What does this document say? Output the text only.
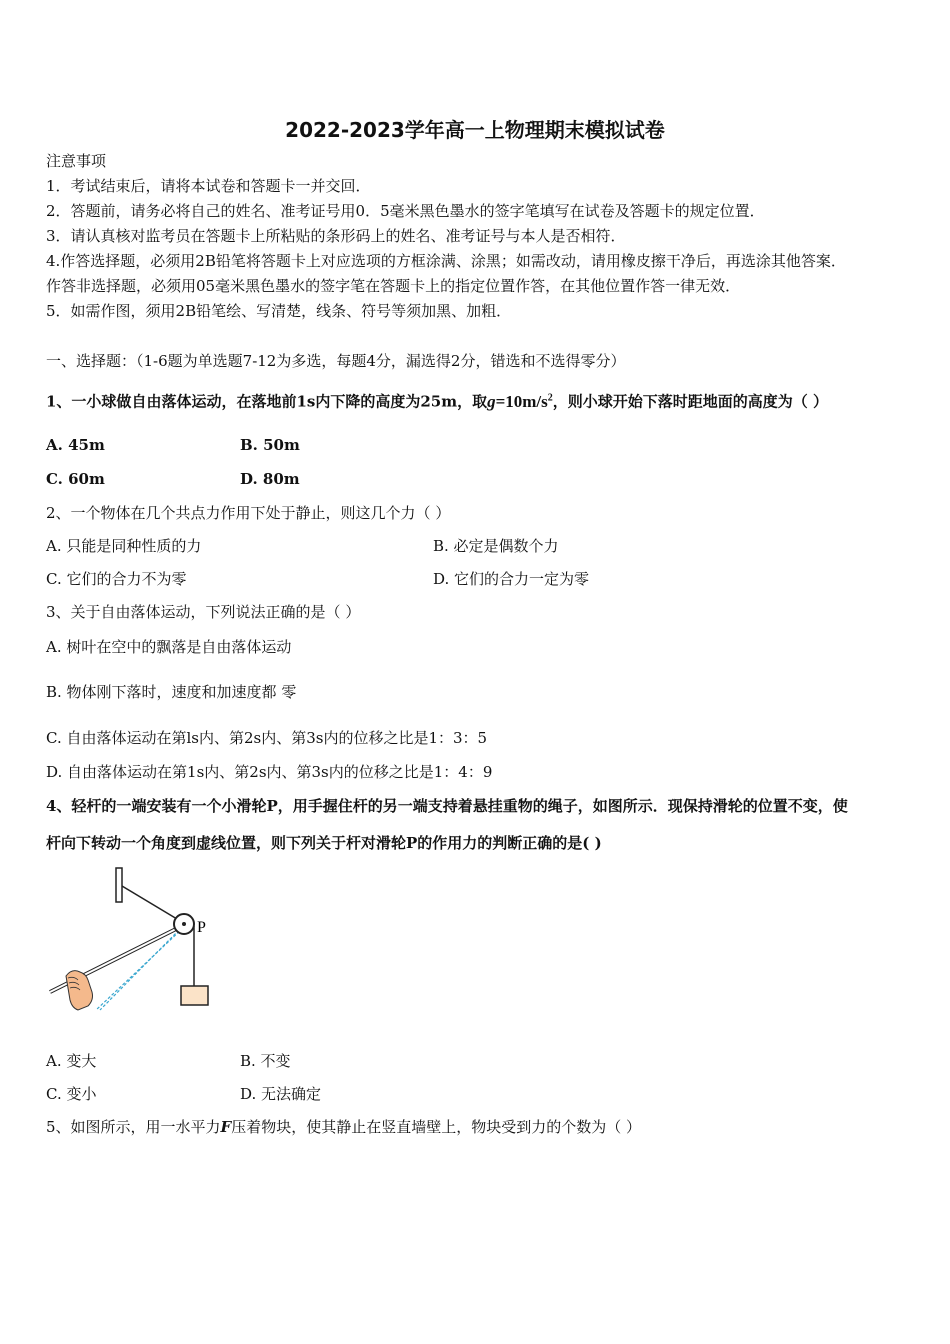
2022-2023学年高一上物理期末模拟试卷
注意事项
1．考试结束后，请将本试卷和答题卡一并交回．
2．答题前，请务必将自己的姓名、准考证号用0．5毫米黑色墨水的签字笔填写在试卷及答题卡的规定位置．
3．请认真核对监考员在答题卡上所粘贴的条形码上的姓名、准考证号与本人是否相符．
4.作答选择题，必须用2B铅笔将答题卡上对应选项的方框涂满、涂黑；如需改动，请用橡皮擦干净后，再选涂其他答案．
作答非选择题，必须用05毫米黑色墨水的签字笔在答题卡上的指定位置作答，在其他位置作答一律无效．
5．如需作图，须用2B铅笔绘、写清楚，线条、符号等须加黑、加粗．
一、选择题：（1-6题为单选题7-12为多选，每题4分，漏选得2分，错选和不选得零分）
1、一小球做自由落体运动，在落地前1s内下降的高度为25m，取$g=10m/s^2$，则小球开始下落时距地面的高度为（ ）
A. 45m	B. 50m
C. 60m	D. 80m
2、一个物体在几个共点力作用下处于静止，则这几个力（ ）
A. 只能是同种性质的力	B. 必定是偶数个力
C. 它们的合力不为零	D. 它们的合力一定为零
3、关于自由落体运动，下列说法正确的是（ ）
A. 树叶在空中的飘落是自由落体运动
B. 物体刚下落时，速度和加速度都 零
C. 自由落体运动在第ls内、第2s内、第3s内的位移之比是1：3：5
D. 自由落体运动在第1s内、第2s内、第3s内的位移之比是1：4：9
4、轻杆的一端安装有一个小滑轮P，用手握住杆的另一端支持着悬挂重物的绳子，如图所示．现保持滑轮的位置不变，使
杆向下转动一个角度到虚线位置，则下列关于杆对滑轮P的作用力的判断正确的是( )
P
A. 变大	B. 不变
C. 变小	D. 无法确定
5、如图所示，用一水平力F压着物块，使其静止在竖直墙壁上，物块受到力的个数为（ ）
